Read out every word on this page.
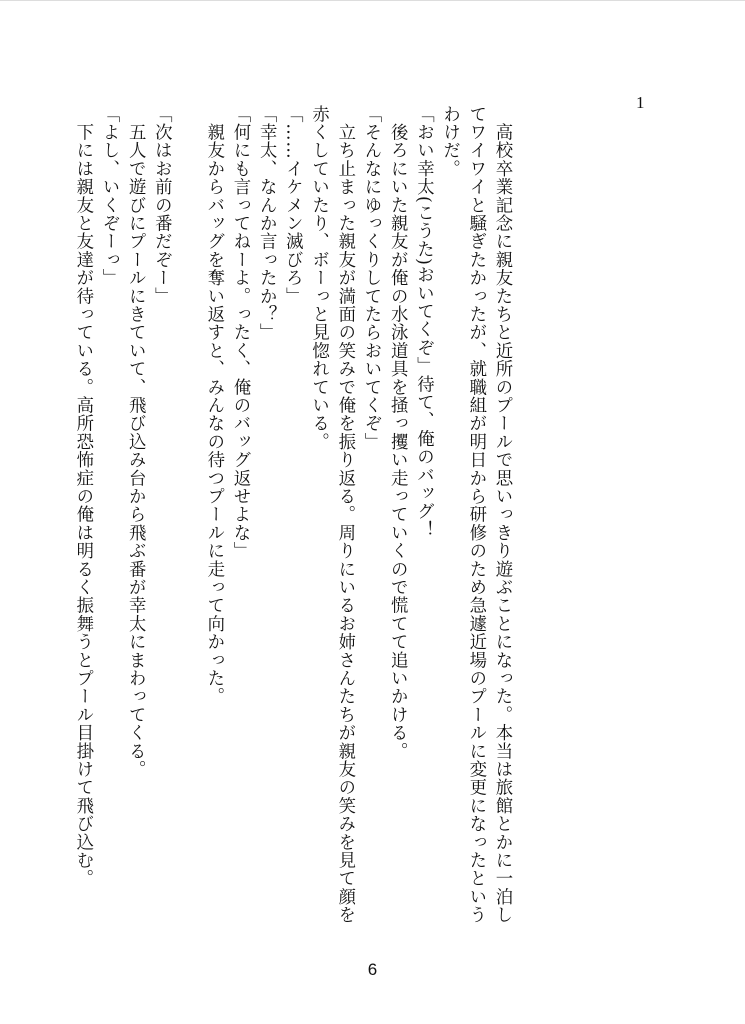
1

　高校卒業記念に親友たちと近所のプールで思いっきり遊ぶことになった。本当は旅館とかに一泊してワイワイと騒ぎたかったが、就職組が明日から研修のため急遽近場のプールに変更になったというわけだ。

「おい幸太(こうた)おいてくぞ」待て、俺のバッグ！

　後ろにいた親友が俺の水泳道具を掻っ攫い走っていくので慌てて追いかける。

「そんなにゆっくりしてたらおいてくぞ」

　立ち止まった親友が満面の笑みで俺を振り返る。周りにいるお姉さんたちが親友の笑みを見て顔を赤くしていたり、ボーっと見惚れている。

「……イケメン滅びろ」

「幸太、なんか言ったか？」

「何にも言ってねーよ。ったく、俺のバッグ返せよな」

　親友からバッグを奪い返すと、みんなの待つプールに走って向かった。

「次はお前の番だぞー」

　五人で遊びにプールにきていて、飛び込み台から飛ぶ番が幸太にまわってくる。

「よし、いくぞーっ」

　下には親友と友達が待っている。高所恐怖症の俺は明るく振舞うとプール目掛けて飛び込む。

6
